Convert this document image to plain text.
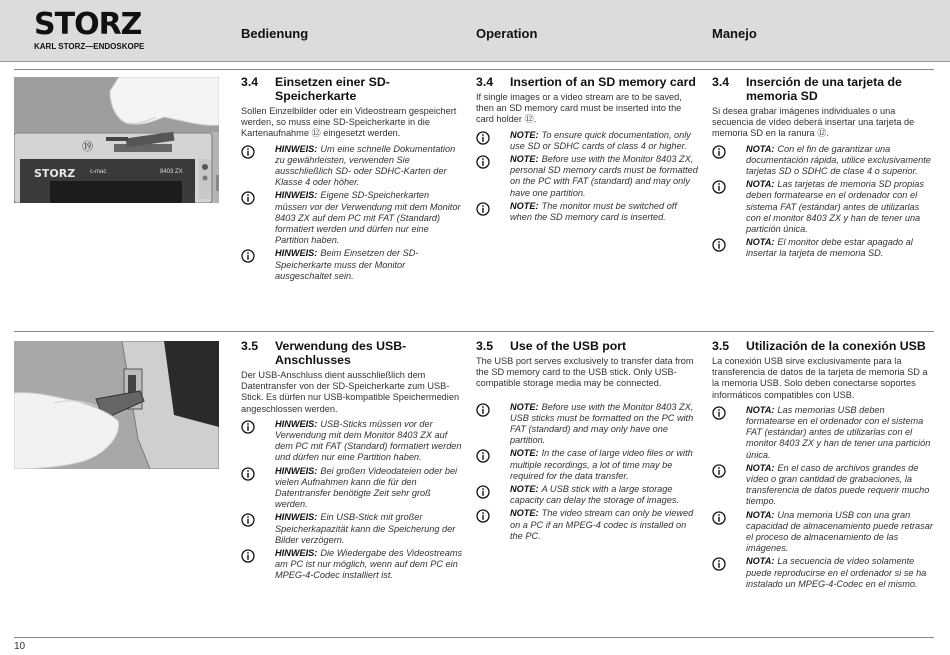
STORZ
KARL STORZ—ENDOSKOPE
Bedienung	Operation	Manejo
⑲
STORZ c-mac	8403 ZX
3.4	Einsetzen einer SD-Speicherkarte
Sollen Einzelbilder oder ein Videostream gespeichert werden, so muss eine SD-Speicherkarte in die Kartenaufnahme ⑫ eingesetzt werden.
HINWEIS: Um eine schnelle Dokumentation zu gewährleisten, verwenden Sie ausschließlich SD- oder SDHC-Karten der Klasse 4 oder höher.
HINWEIS: Eigene SD-Speicherkarten müssen vor der Verwendung mit dem Monitor 8403 ZX auf dem PC mit FAT (Standard) formatiert werden und dürfen nur eine Partition haben.
HINWEIS: Beim Einsetzen der SD-Speicherkarte muss der Monitor ausgeschaltet sein.
3.4	Insertion of an SD memory card
If single images or a video stream are to be saved, then an SD memory card must be inserted into the card holder ⑫.
NOTE: To ensure quick documentation, only use SD or SDHC cards of class 4 or higher.
NOTE: Before use with the Monitor 8403 ZX, personal SD memory cards must be formatted on the PC with FAT (standard) and may only have one partition.
NOTE: The monitor must be switched off when the SD memory card is inserted.
3.4	Inserción de una tarjeta de memoria SD
Si desea grabar imágenes individuales o una secuencia de vídeo deberá insertar una tarjeta de memoria SD en la ranura ⑫.
NOTA: Con el fin de garantizar una documentación rápida, utilice exclusivamente tarjetas SD o SDHC de clase 4 o superior.
NOTA: Las tarjetas de memoria SD propias deben formatearse en el ordenador con el sistema FAT (estándar) antes de utilizarlas con el monitor 8403 ZX y han de tener una partición única.
NOTA: El monitor debe estar apagado al insertar la tarjeta de memoria SD.
3.5	Verwendung des USB-Anschlusses
Der USB-Anschluss dient ausschließlich dem Datentransfer von der SD-Speicherkarte zum USB-Stick. Es dürfen nur USB-kompatible Speichermedien angeschlossen werden.
HINWEIS: USB-Sticks müssen vor der Verwendung mit dem Monitor 8403 ZX auf dem PC mit FAT (Standard) formatiert werden und dürfen nur eine Partition haben.
HINWEIS: Bei großen Videodateien oder bei vielen Aufnahmen kann die für den Datentransfer benötigte Zeit sehr groß werden.
HINWEIS: Ein USB-Stick mit großer Speicherkapazität kann die Speicherung der Bilder verzögern.
HINWEIS: Die Wiedergabe des Videostreams am PC ist nur möglich, wenn auf dem PC ein MPEG-4-Codec installiert ist.
3.5	Use of the USB port
The USB port serves exclusively to transfer data from the SD memory card to the USB stick. Only USB-compatible storage media may be connected.
NOTE: Before use with the Monitor 8403 ZX, USB sticks must be formatted on the PC with FAT (standard) and may only have one partition.
NOTE: In the case of large video files or with multiple recordings, a lot of time may be required for the data transfer.
NOTE: A USB stick with a large storage capacity can delay the storage of images.
NOTE: The video stream can only be viewed on a PC if an MPEG-4 codec is installed on the PC.
3.5	Utilización de la conexión USB
La conexión USB sirve exclusivamente para la transferencia de datos de la tarjeta de memoria SD a la memoria USB. Solo deben conectarse soportes informáticos compatibles con USB.
NOTA: Las memorias USB deben formatearse en el ordenador con el sistema FAT (estándar) antes de utilizarlas con el monitor 8403 ZX y han de tener una partición única.
NOTA: En el caso de archivos grandes de vídeo o gran cantidad de grabaciones, la transferencia de datos puede requerir mucho tiempo.
NOTA: Una memoria USB con una gran capacidad de almacenamiento puede retrasar el proceso de almacenamiento de las imágenes.
NOTA: La secuencia de vídeo solamente puede reproducirse en el ordenador si se ha instalado un MPEG-4-Codec en el mismo.
10
